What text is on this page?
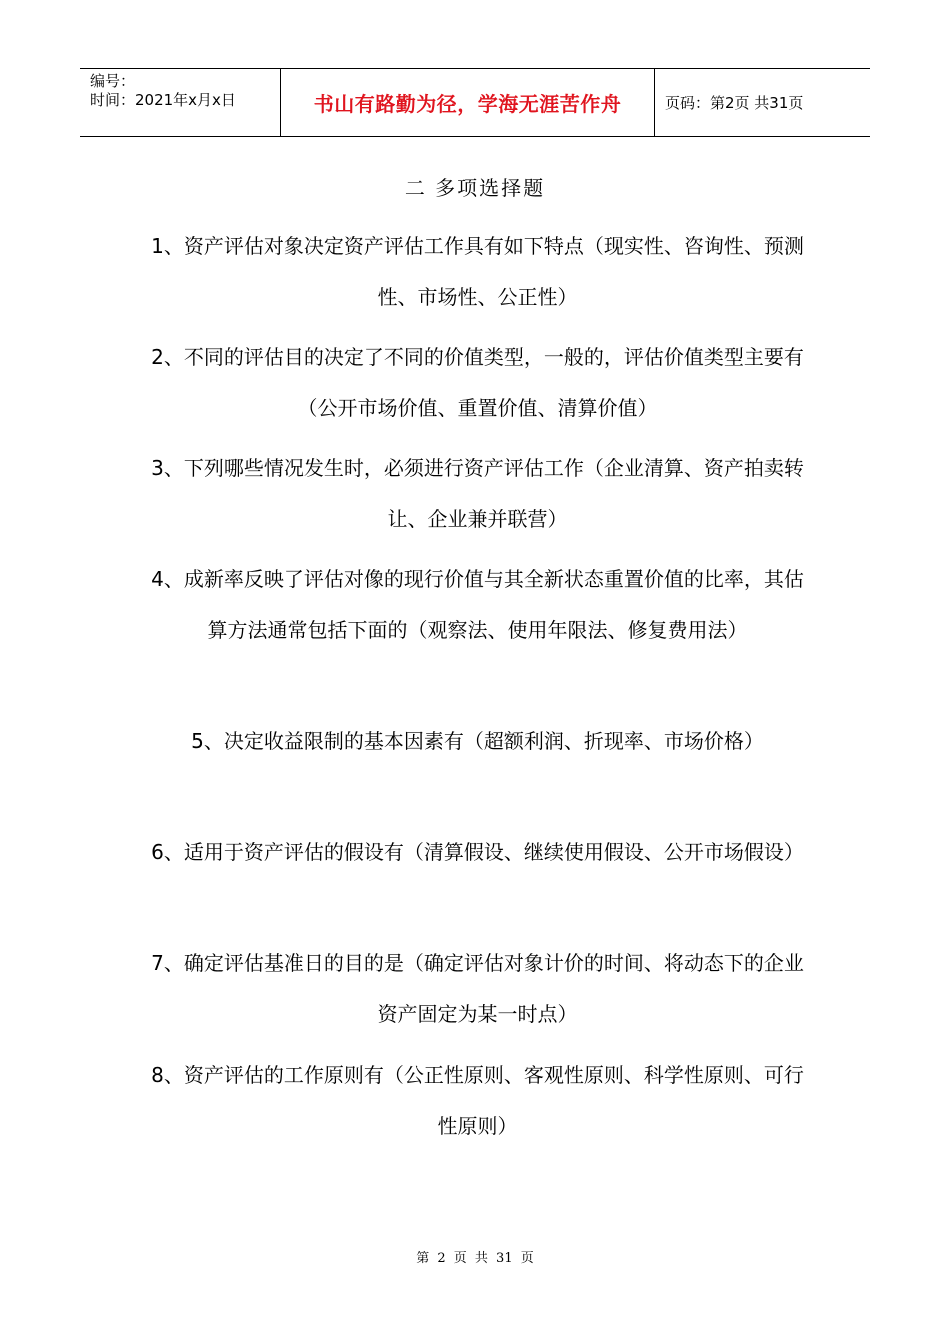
编号：
时间：2021年x月x日	书山有路勤为径，学海无涯苦作舟	页码：第2页 共31页
二 多项选择题
1、资产评估对象决定资产评估工作具有如下特点（现实性、咨询性、预测性、市场性、公正性）
2、不同的评估目的决定了不同的价值类型，一般的，评估价值类型主要有（公开市场价值、重置价值、清算价值）
3、下列哪些情况发生时，必须进行资产评估工作（企业清算、资产拍卖转让、企业兼并联营）
4、成新率反映了评估对像的现行价值与其全新状态重置价值的比率，其估算方法通常包括下面的（观察法、使用年限法、修复费用法）
5、决定收益限制的基本因素有（超额利润、折现率、市场价格）
6、适用于资产评估的假设有（清算假设、继续使用假设、公开市场假设）
7、确定评估基准日的目的是（确定评估对象计价的时间、将动态下的企业资产固定为某一时点）
8、资产评估的工作原则有（公正性原则、客观性原则、科学性原则、可行性原则）
第 2 页 共 31 页
